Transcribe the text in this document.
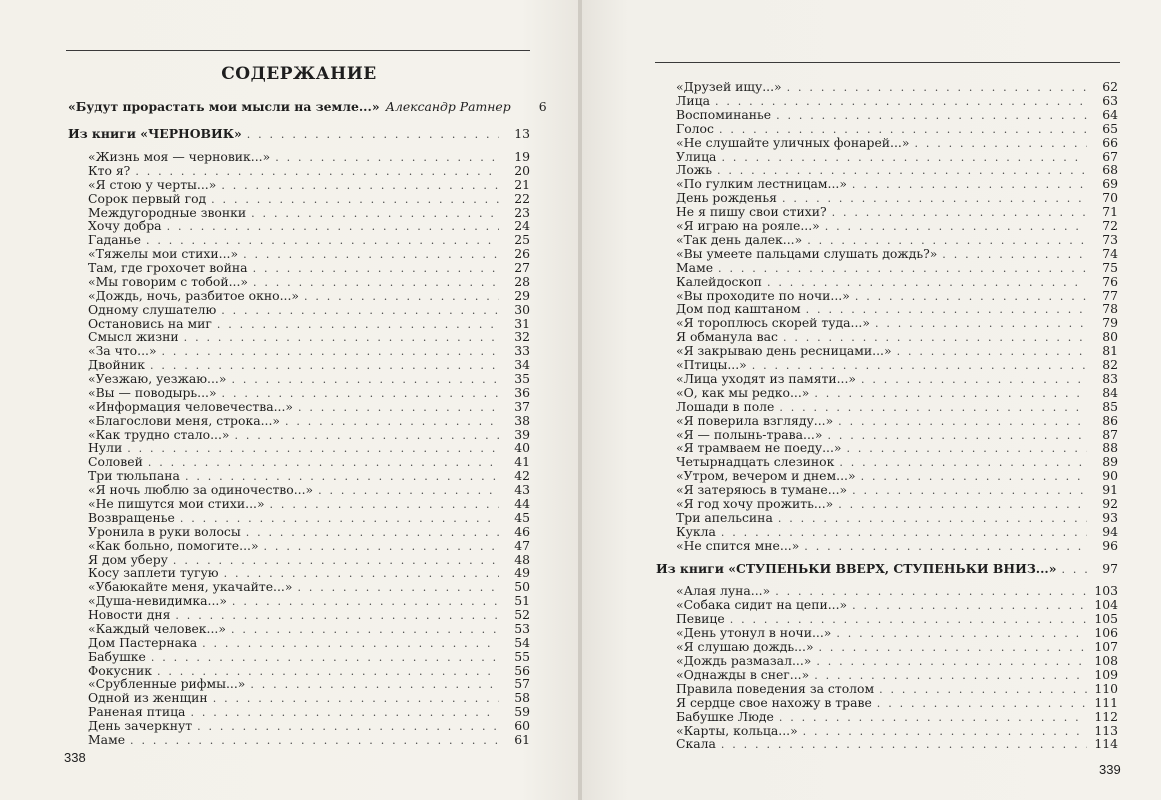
СОДЕРЖАНИЕ
«Будут прорастать мои мысли на земле...» Александр Ратнер	6
Из книги «ЧЕРНОВИК» . . .	13
«Жизнь моя — черновик...» . . .	19
Кто я? . . .	20
«Я стою у черты...» . . .	21
Сорок первый год . . .	22
Междугородные звонки . . .	23
Хочу добра . . .	24
Гаданье . . .	25
«Тяжелы мои стихи...» . . .	26
Там, где грохочет война . . .	27
«Мы говорим с тобой...» . . .	28
«Дождь, ночь, разбитое окно...» . . .	29
Одному слушателю . . .	30
Остановись на миг . . .	31
Смысл жизни . . .	32
«За что...» . . .	33
Двойник . . .	34
«Уезжаю, уезжаю...» . . .	35
«Вы — поводырь...» . . .	36
«Информация человечества...» . . .	37
«Благослови меня, строка...» . . .	38
«Как трудно стало...» . . .	39
Нули . . .	40
Соловей . . .	41
Три тюльпана . . .	42
«Я ночь люблю за одиночество...» . . .	43
«Не пишутся мои стихи...» . . .	44
Возвращенье . . .	45
Уронила в руки волосы . . .	46
«Как больно, помогите...» . . .	47
Я дом уберу . . .	48
Косу заплети тугую . . .	49
«Убаюкайте меня, укачайте...» . . .	50
«Душа-невидимка...» . . .	51
Новости дня . . .	52
«Каждый человек...» . . .	53
Дом Пастернака . . .	54
Бабушке . . .	55
Фокусник . . .	56
«Срубленные рифмы...» . . .	57
Одной из женщин . . .	58
Раненая птица . . .	59
День зачеркнут . . .	60
Маме . . .	61
338
«Друзей ищу...» . . .	62
Лица . . .	63
Воспоминанье . . .	64
Голос . . .	65
«Не слушайте уличных фонарей...» . . .	66
Улица . . .	67
Ложь . . .	68
«По гулким лестницам...» . . .	69
День рожденья . . .	70
Не я пишу свои стихи? . . .	71
«Я играю на рояле...» . . .	72
«Так день далек...» . . .	73
«Вы умеете пальцами слушать дождь?» . . .	74
Маме . . .	75
Калейдоскоп . . .	76
«Вы проходите по ночи...» . . .	77
Дом под каштаном . . .	78
«Я тороплюсь скорей туда...» . . .	79
Я обманула вас . . .	80
«Я закрываю день ресницами...» . . .	81
«Птицы...» . . .	82
«Лица уходят из памяти...» . . .	83
«О, как мы редко...» . . .	84
Лошади в поле . . .	85
«Я поверила взгляду...» . . .	86
«Я — полынь-трава...» . . .	87
«Я трамваем не поеду...» . . .	88
Четырнадцать слезинок . . .	89
«Утром, вечером и днем...» . . .	90
«Я затеряюсь в тумане...» . . .	91
«Я год хочу прожить...» . . .	92
Три апельсина . . .	93
Кукла . . .	94
«Не спится мне...» . . .	96
Из книги «СТУПЕНЬКИ ВВЕРХ, СТУПЕНЬКИ ВНИЗ...» . . .	97
«Алая луна...» . . .	103
«Собака сидит на цепи...» . . .	104
Певице . . .	105
«День утонул в ночи...» . . .	106
«Я слушаю дождь...» . . .	107
«Дождь размазал...» . . .	108
«Однажды в снег...» . . .	109
Правила поведения за столом . . .	110
Я сердце свое нахожу в траве . . .	111
Бабушке Люде . . .	112
«Карты, кольца...» . . .	113
Скала . . .	114
339
